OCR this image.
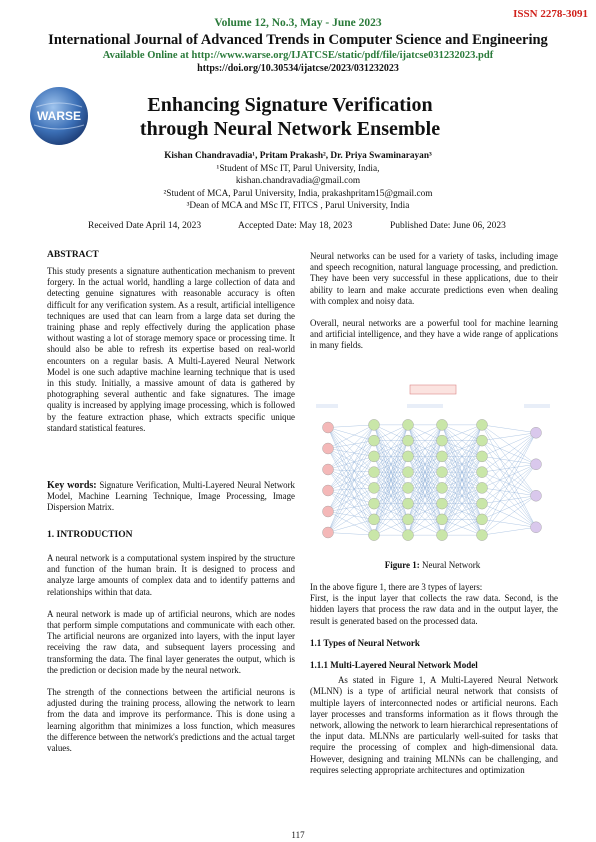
ISSN 2278-3091
Volume 12, No.3, May - June 2023
International Journal of Advanced Trends in Computer Science and Engineering
Available Online at http://www.warse.org/IJATCSE/static/pdf/file/ijatcse031232023.pdf
https://doi.org/10.30534/ijatcse/2023/031232023
WARSE	Enhancing Signature Verification
through Neural Network Ensemble
Kishan Chandravadia¹, Pritam Prakash², Dr. Priya Swaminarayan³
¹Student of MSc IT, Parul University, India,
kishan.chandravadia@gmail.com
²Student of MCA, Parul University, India, prakashpritam15@gmail.com
³Dean of MCA and MSc IT, FITCS , Parul University, India
Received Date April 14, 2023	Accepted Date: May 18, 2023	Published Date: June 06, 2023
ABSTRACT
This study presents a signature authentication mechanism to prevent forgery. In the actual world, handling a large collection of data and detecting genuine signatures with reasonable accuracy is often difficult for any verification system. As a result, artificial intelligence techniques are used that can learn from a large data set during the training phase and reply effectively during the application phase without wasting a lot of storage memory space or processing time. It should also be able to refresh its expertise based on real-world encounters on a regular basis. A Multi-Layered Neural Network Model is one such adaptive machine learning technique that is used in this study. Initially, a massive amount of data is gathered by photographing several authentic and fake signatures. The image quality is increased by applying image processing, which is followed by the feature extraction phase, which extracts specific unique standard statistical features.
Key words: Signature Verification, Multi-Layered Neural Network Model, Machine Learning Technique, Image Processing, Image Dispersion Matrix.
1. INTRODUCTION

A neural network is a computational system inspired by the structure and function of the human brain. It is designed to process and analyze large amounts of complex data and to identify patterns and relationships within that data.

A neural network is made up of artificial neurons, which are nodes that perform simple computations and communicate with each other. The artificial neurons are organized into layers, with the input layer receiving the raw data, and subsequent layers processing and transforming the data. The final layer generates the output, which is the prediction or decision made by the neural network.

The strength of the connections between the artificial neurons is adjusted during the training process, allowing the network to learn from the data and improve its performance. This is done using a learning algorithm that minimizes a loss function, which measures the difference between the network's predictions and the actual target values.

Neural networks can be used for a variety of tasks, including image and speech recognition, natural language processing, and prediction. They have been very successful in these applications, due to their ability to learn and make accurate predictions even when dealing with complex and noisy data.

Overall, neural networks are a powerful tool for machine learning and artificial intelligence, and they have a wide range of applications in many fields.

Figure 1: Neural Network
In the above figure 1, there are 3 types of layers:

First, is the input layer that collects the raw data. Second, is the hidden layers that process the raw data and in the output layer, the result is generated based on the processed data.

1.1 Types of Neural Network

1.1.1 Multi-Layered Neural Network Model

As stated in Figure 1, A Multi-Layered Neural Network (MLNN) is a type of artificial neural network that consists of multiple layers of interconnected nodes or artificial neurons. Each layer processes and transforms information as it flows through the network, allowing the network to learn hierarchical representations of the input data. MLNNs are particularly well-suited for tasks that require the processing of complex and high-dimensional data. However, designing and training MLNNs can be challenging, and requires selecting appropriate architectures and optimization

117
